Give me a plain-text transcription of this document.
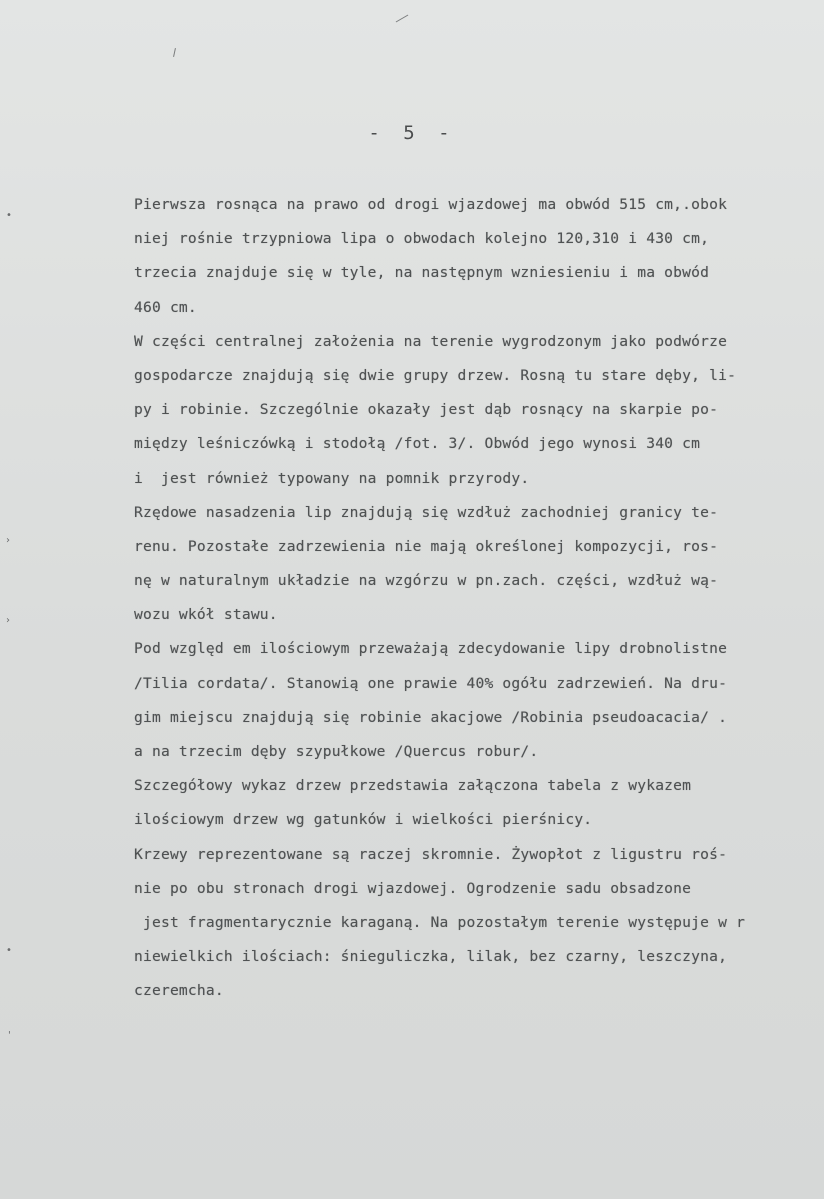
•
›
›
•
'
- 5 -
Pierwsza rosnąca na prawo od drogi wjazdowej ma obwód 515 cm,.obok
niej rośnie trzypniowa lipa o obwodach kolejno 120,310 i 430 cm,
trzecia znajduje się w tyle, na następnym wzniesieniu i ma obwód
460 cm.
W części centralnej założenia na terenie wygrodzonym jako podwórze
gospodarcze znajdują się dwie grupy drzew. Rosną tu stare dęby, li-
py i robinie. Szczególnie okazały jest dąb rosnący na skarpie po-
między leśniczówką i stodołą /fot. 3/. Obwód jego wynosi 340 cm
i  jest również typowany na pomnik przyrody.
Rzędowe nasadzenia lip znajdują się wzdłuż zachodniej granicy te-
renu. Pozostałe zadrzewienia nie mają określonej kompozycji, ros-
nę w naturalnym układzie na wzgórzu w pn.zach. części, wzdłuż wą-
wozu wkół stawu.
Pod względ em ilościowym przeważają zdecydowanie lipy drobnolistne
/Tilia cordata/. Stanowią one prawie 40% ogółu zadrzewień. Na dru-
gim miejscu znajdują się robinie akacjowe /Robinia pseudoacacia/ .
a na trzecim dęby szypułkowe /Quercus robur/.
Szczegółowy wykaz drzew przedstawia załączona tabela z wykazem
ilościowym drzew wg gatunków i wielkości pierśnicy.
Krzewy reprezentowane są raczej skromnie. Żywopłot z ligustru roś-
nie po obu stronach drogi wjazdowej. Ogrodzenie sadu obsadzone
jest fragmentarycznie karaganą. Na pozostałym terenie występuje w r
niewielkich ilościach: śnieguliczka, lilak, bez czarny, leszczyna,
czeremcha.
